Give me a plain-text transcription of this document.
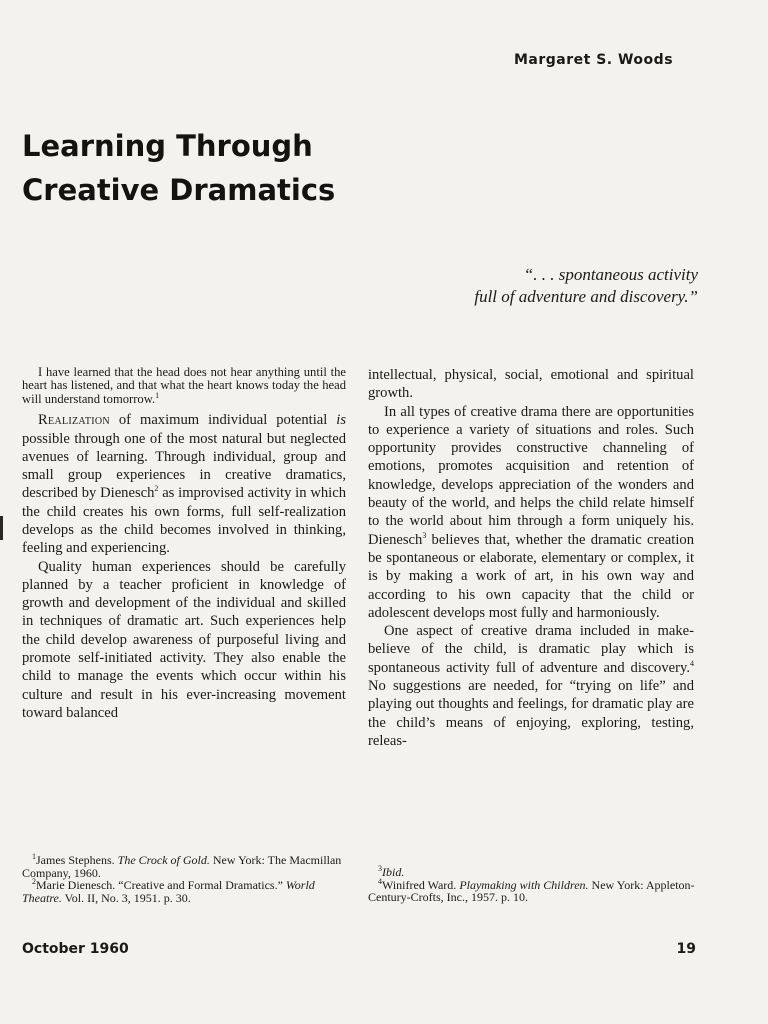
Margaret S. Woods
Learning Through
Creative Dramatics
“. . . spontaneous activity
full of adventure and discovery.”

I have learned that the head does not hear anything until the heart has listened, and that what the heart knows today the head will understand tomorrow.$^1$

Realization of maximum individual potential is possible through one of the most natural but neglected avenues of learning. Through individual, group and small group experiences in creative dramatics, described by Dienesch$^2$ as improvised activity in which the child creates his own forms, full self-realization develops as the child becomes involved in thinking, feeling and experiencing.

Quality human experiences should be carefully planned by a teacher proficient in knowledge of growth and development of the individual and skilled in techniques of dramatic art. Such experiences help the child develop awareness of purposeful living and promote self-initiated activity. They also enable the child to manage the events which occur within his culture and result in his ever-increasing movement toward balanced

intellectual, physical, social, emotional and spiritual growth.

In all types of creative drama there are opportunities to experience a variety of situations and roles. Such opportunity provides constructive channeling of emotions, promotes acquisition and retention of knowledge, develops appreciation of the wonders and beauty of the world, and helps the child relate himself to the world about him through a form uniquely his. Dienesch$^3$ believes that, whether the dramatic creation be spontaneous or elaborate, elementary or complex, it is by making a work of art, in his own way and according to his own capacity that the child or adolescent develops most fully and harmoniously.

One aspect of creative drama included in make-believe of the child, is dramatic play which is spontaneous activity full of adventure and discovery.$^4$ No suggestions are needed, for “trying on life” and playing out thoughts and feelings, for dramatic play are the child’s means of enjoying, exploring, testing, releas-

$^1$James Stephens. The Crock of Gold. New York: The Macmillan Company, 1960.
$^2$Marie Dienesch. “Creative and Formal Dramatics.” World Theatre. Vol. II, No. 3, 1951. p. 30.
$^3$Ibid.
$^4$Winifred Ward. Playmaking with Children. New York: Appleton-Century-Crofts, Inc., 1957. p. 10.
October 1960	19
